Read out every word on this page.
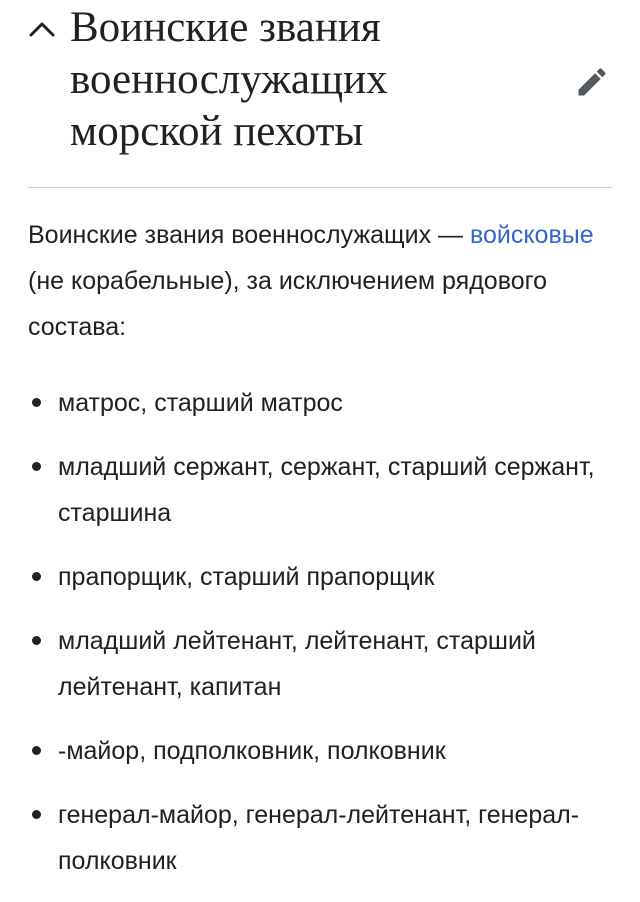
Воинские звания военнослужащих морской пехоты

Воинские звания военнослужащих — войсковые (не корабельные), за исключением рядового состава:

матрос, старший матрос
младший сержант, сержант, старший сержант, старшина
прапорщик, старший прапорщик
младший лейтенант, лейтенант, старший лейтенант, капитан
-майор, подполковник, полковник
генерал-майор, генерал-лейтенант, генерал-полковник
